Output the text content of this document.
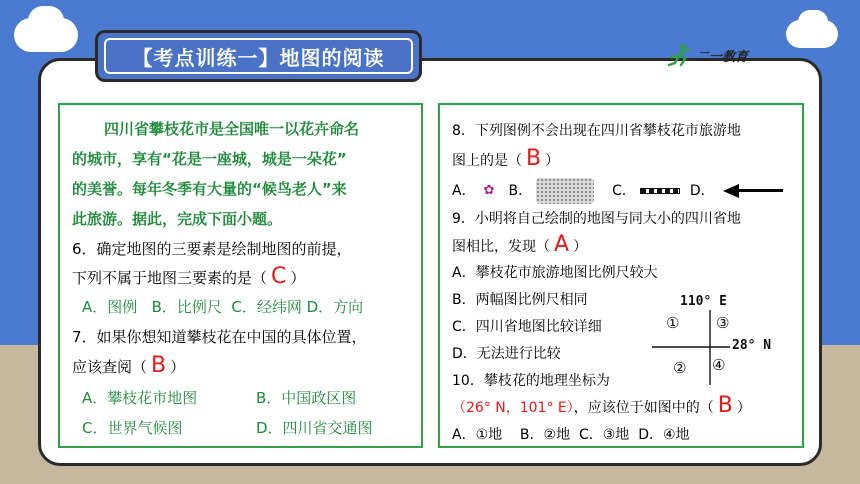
【考点训练一】地图的阅读	二一教育
四川省攀枝花市是全国唯一以花卉命名
的城市，享有“花是一座城，城是一朵花”
的美誉。每年冬季有大量的“候鸟老人”来
此旅游。据此，完成下面小题。
6．确定地图的三要素是绘制地图的前提，
下列不属于地图三要素的是（ C ）
A．图例   B．比例尺  C．经纬网 D．方向
7．如果你想知道攀枝花在中国的具体位置，
应该查阅（ B ）
A．攀枝花市地图	B．中国政区图
C．世界气候图	D．四川省交通图
8．下列图例不会出现在四川省攀枝花市旅游地
图上的是（ B ）
A． ✿ B．	C．	D．
9．小明将自己绘制的地图与同大小的四川省地
图相比，发现（ A ）
A．攀枝花市旅游地图比例尺较大
B．两幅图比例尺相同
C．四川省地图比较详细
D．无法进行比较
10．攀枝花的地理坐标为
（26° N，101° E），应该位于如图中的（ B ）
A．①地    B．②地  C．③地  D．④地
110° E
28° N
① ③
② ④
